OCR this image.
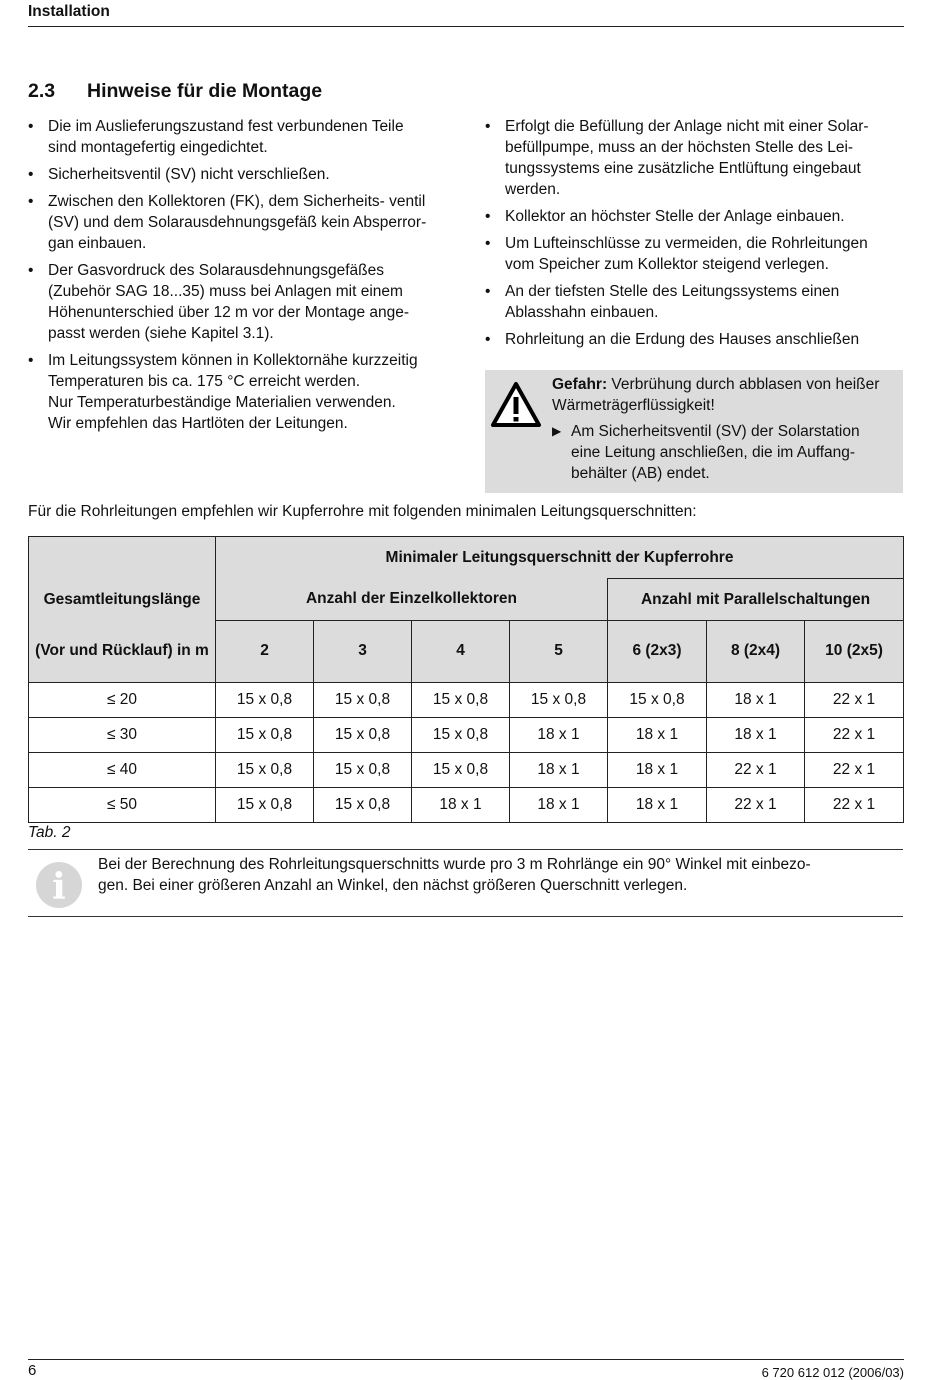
Installation
2.3 Hinweise für die Montage
• Die im Auslieferungszustand fest verbundenen Teile
sind montagefertig eingedichtet.
• Sicherheitsventil (SV) nicht verschließen.
• Zwischen den Kollektoren (FK), dem Sicherheits- ventil
(SV) und dem Solarausdehnungsgefäß kein Absperror-
gan einbauen.
• Der Gasvordruck des Solarausdehnungsgefäßes
(Zubehör SAG 18...35) muss bei Anlagen mit einem
Höhenunterschied über 12 m vor der Montage ange-
passt werden (siehe Kapitel 3.1).
• Im Leitungssystem können in Kollektornähe kurzzeitig
Temperaturen bis ca. 175 °C erreicht werden.
Nur Temperaturbeständige Materialien verwenden.
Wir empfehlen das Hartlöten der Leitungen.
• Erfolgt die Befüllung der Anlage nicht mit einer Solar-
befüllpumpe, muss an der höchsten Stelle des Lei-
tungssystems eine zusätzliche Entlüftung eingebaut
werden.
• Kollektor an höchster Stelle der Anlage einbauen.
• Um Lufteinschlüsse zu vermeiden, die Rohrleitungen
vom Speicher zum Kollektor steigend verlegen.
• An der tiefsten Stelle des Leitungssystems einen
Ablasshahn einbauen.
• Rohrleitung an die Erdung des Hauses anschließen
Gefahr: Verbrühung durch abblasen von heißer Wärmeträgerflüssigkeit!
▶ Am Sicherheitsventil (SV) der Solarstation eine Leitung anschließen, die im Auffang-
behälter (AB) endet.
Für die Rohrleitungen empfehlen wir Kupferrohre mit folgenden minimalen Leitungsquerschnitten:
	Minimaler Leitungsquerschnitt der Kupferrohre						
Gesamtleitungslänge	Anzahl der Einzelkollektoren				Anzahl mit Parallelschaltungen		
(Vor und Rücklauf) in m	2	3	4	5	6 (2x3)	8 (2x4)	10 (2x5)
≤ 20	15 x 0,8	15 x 0,8	15 x 0,8	15 x 0,8	15 x 0,8	18 x 1	22 x 1
≤ 30	15 x 0,8	15 x 0,8	15 x 0,8	18 x 1	18 x 1	18 x 1	22 x 1
≤ 40	15 x 0,8	15 x 0,8	15 x 0,8	18 x 1	18 x 1	22 x 1	22 x 1
≤ 50	15 x 0,8	15 x 0,8	18 x 1	18 x 1	18 x 1	22 x 1	22 x 1
Tab. 2
i
Bei der Berechnung des Rohrleitungsquerschnitts wurde pro 3 m Rohrlänge ein 90° Winkel mit einbezo-
gen. Bei einer größeren Anzahl an Winkel, den nächst größeren Querschnitt verlegen.
6	6 720 612 012 (2006/03)
